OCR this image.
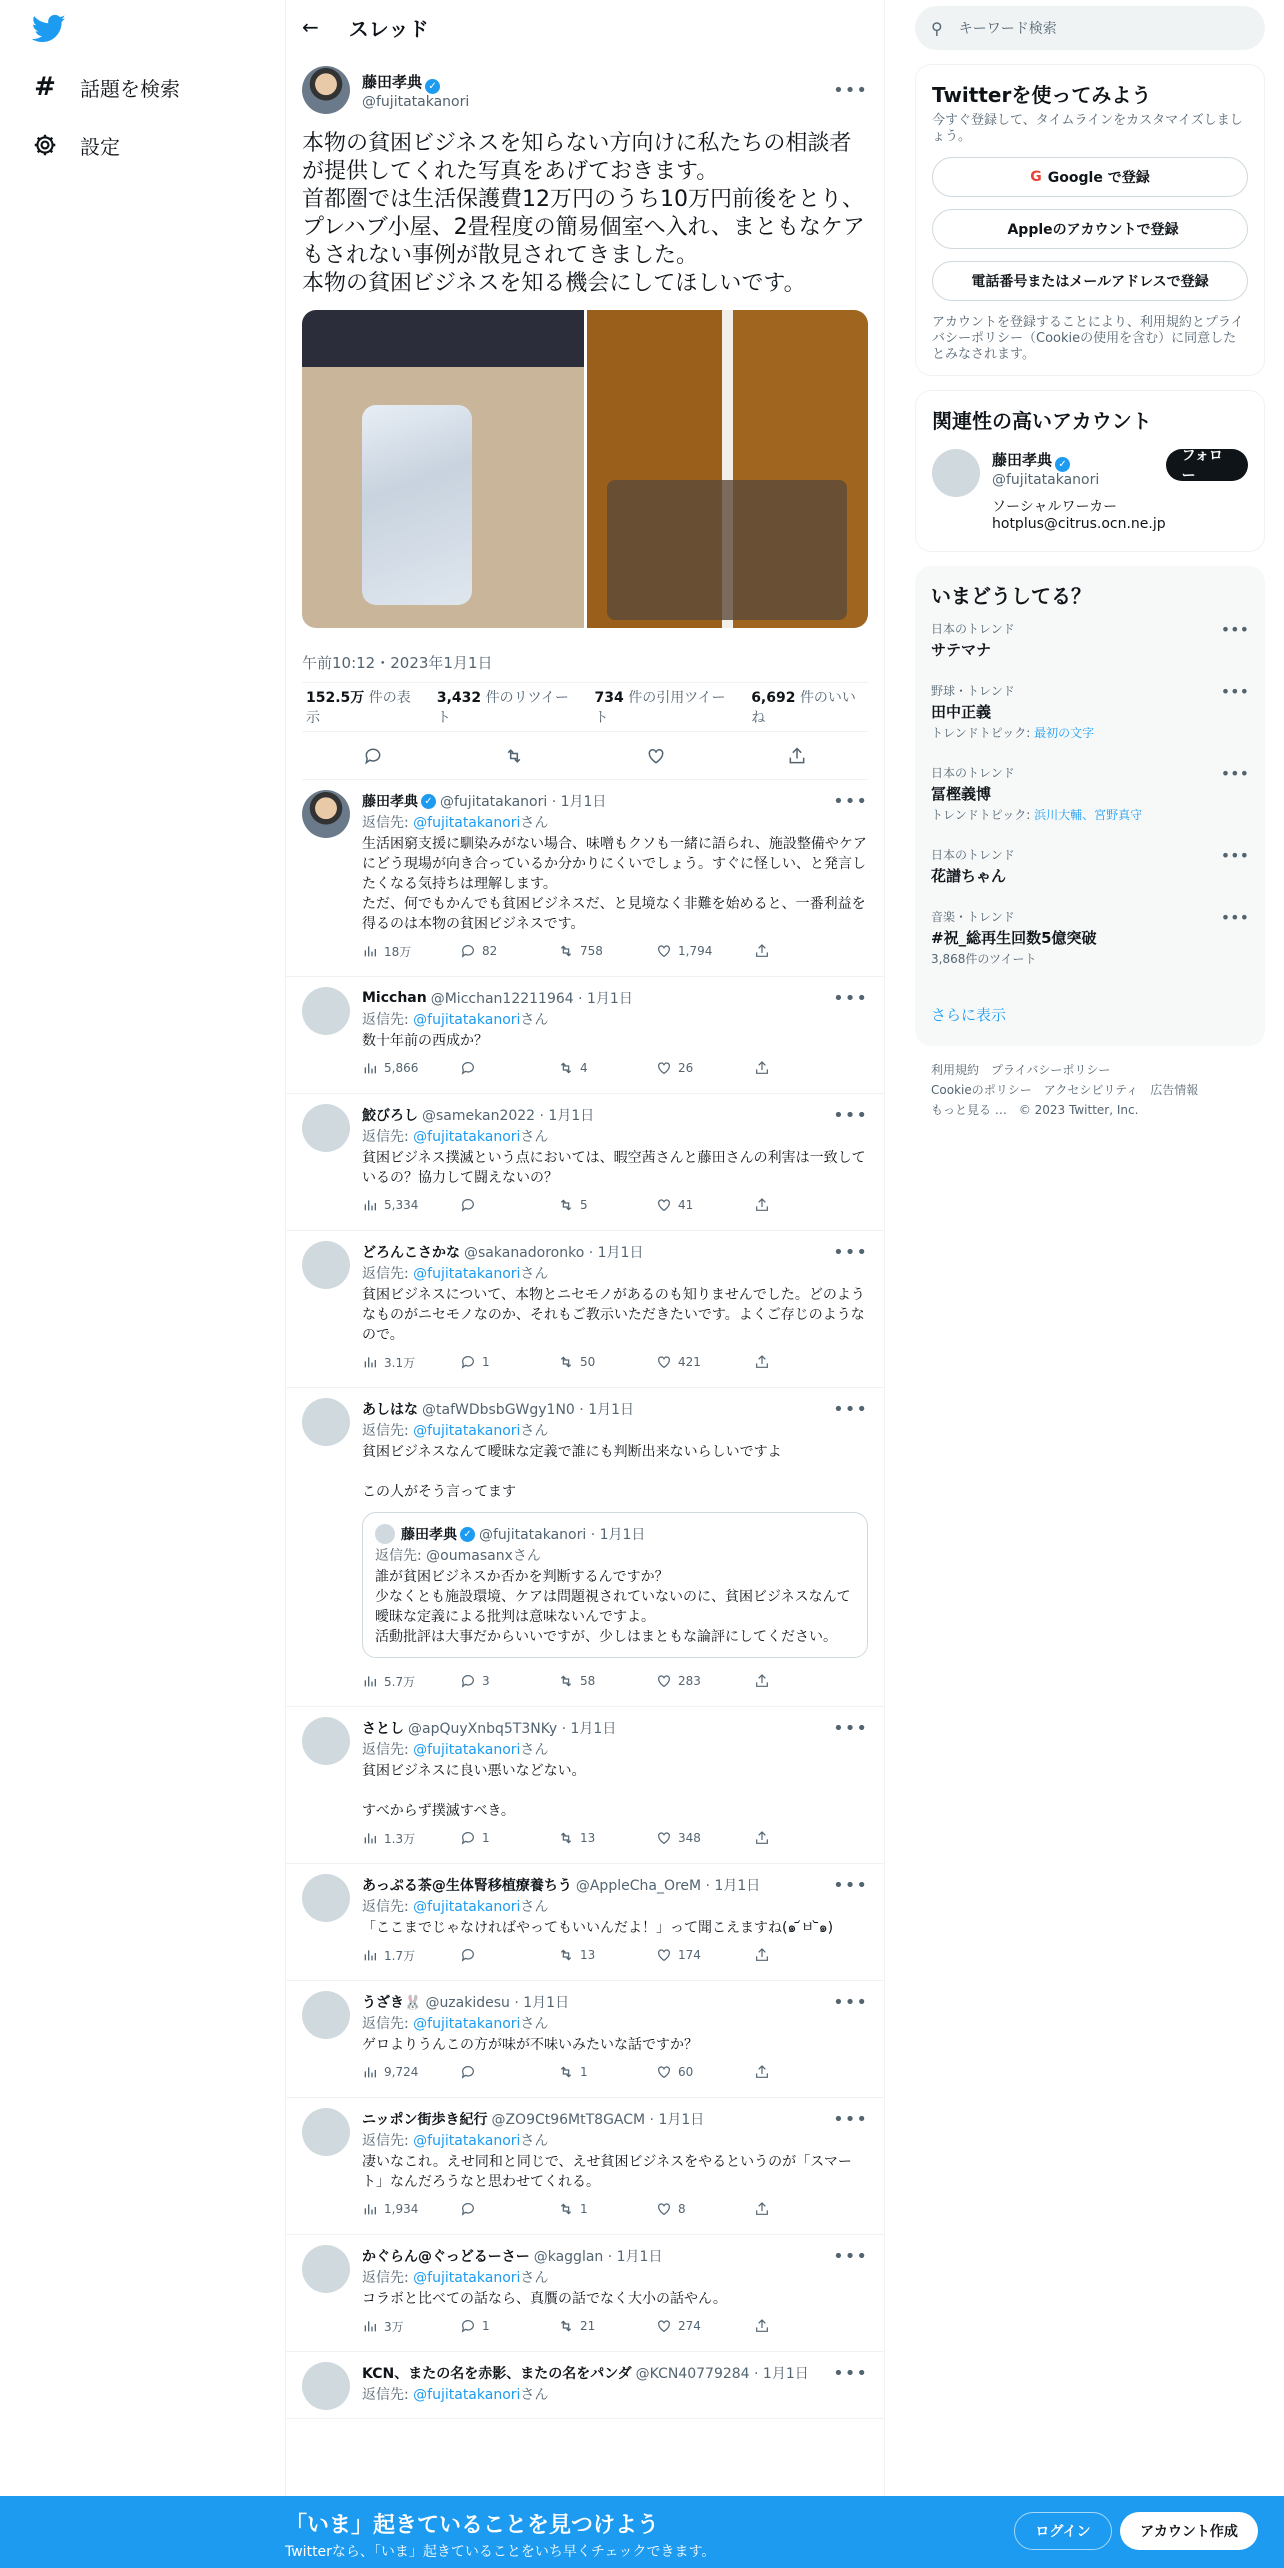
# 話題を検索
設定
← スレッド
藤田孝典 ✓
@fujitatakanori
•••
本物の貧困ビジネスを知らない方向けに私たちの相談者が提供してくれた写真をあげておきます。
首都圏では生活保護費12万円のうち10万円前後をとり、プレハブ小屋、2畳程度の簡易個室へ入れ、まともなケアもされない事例が散見されてきました。
本物の貧困ビジネスを知る機会にしてほしいです。
午前10:12・2023年1月1日
152.5万 件の表示
3,432 件のリツイート
734 件の引用ツイート
6,692 件のいいね
藤田孝典 ✓ @fujitatakanori · 1月1日	•••
返信先: @fujitatakanoriさん
生活困窮支援に馴染みがない場合、味噌もクソも一緒に語られ、施設整備やケアにどう現場が向き合っているか分かりにくいでしょう。すぐに怪しい、と発言したくなる気持ちは理解します。
ただ、何でもかんでも貧困ビジネスだ、と見境なく非難を始めると、一番利益を得るのは本物の貧困ビジネスです。
18万	82	758	1,794
Micchan @Micchan12211964 · 1月1日	•••
返信先: @fujitatakanoriさん
数十年前の西成か？
5,866	4	26
鮫びろし @samekan2022 · 1月1日	•••
返信先: @fujitatakanoriさん
貧困ビジネス撲滅という点においては、暇空茜さんと藤田さんの利害は一致しているの？協力して闘えないの？
5,334	5	41
どろんこさかな @sakanadoronko · 1月1日	•••
返信先: @fujitatakanoriさん
貧困ビジネスについて、本物とニセモノがあるのも知りませんでした。どのようなものがニセモノなのか、それもご教示いただきたいです。よくご存じのようなので。
3.1万	1	50	421
あしはな @tafWDbsbGWgy1N0 · 1月1日	•••
返信先: @fujitatakanoriさん
貧困ビジネスなんて曖昧な定義で誰にも判断出来ないらしいですよ

この人がそう言ってます
藤田孝典 ✓ @fujitatakanori · 1月1日
返信先: @oumasanxさん
誰が貧困ビジネスか否かを判断するんですか？
少なくとも施設環境、ケアは問題視されていないのに、貧困ビジネスなんて曖昧な定義による批判は意味ないんですよ。
活動批評は大事だからいいですが、少しはまともな論評にしてください。
5.7万	3	58	283
さとし @apQuyXnbq5T3NKy · 1月1日	•••
返信先: @fujitatakanoriさん
貧困ビジネスに良い悪いなどない。

すべからず撲滅すべき。
1.3万	1	13	348
あっぷる茶@生体腎移植療養ちう @AppleCha_OreM · 1月1日	•••
返信先: @fujitatakanoriさん
「ここまでじゃなければやってもいいんだよ！」って聞こえますね(๑ ᷄ㅂ ᷅๑)
1.7万	13	174
うざき🐰 @uzakidesu · 1月1日	•••
返信先: @fujitatakanoriさん
ゲロよりうんこの方が味が不味いみたいな話ですか？
9,724	1	60
ニッポン街歩き紀行 @ZO9Ct96MtT8GACM · 1月1日	•••
返信先: @fujitatakanoriさん
凄いなこれ。えせ同和と同じで、えせ貧困ビジネスをやるというのが「スマート」なんだろうなと思わせてくれる。
1,934	1	8
かぐらん@ぐっどるーさー @kagglan · 1月1日	•••
返信先: @fujitatakanoriさん
コラボと比べての話なら、真贋の話でなく大小の話やん。
3万	1	21	274
KCN、またの名を赤影、またの名をパンダ @KCN40779284 · 1月1日 •••
返信先: @fujitatakanoriさん
⚲ キーワード検索
Twitterを使ってみよう
今すぐ登録して、タイムラインをカスタマイズしましょう。
G Google で登録
Appleのアカウントで登録
電話番号またはメールアドレスで登録
アカウントを登録することにより、利用規約とプライバシーポリシー（Cookieの使用を含む）に同意したとみなされます。
関連性の高いアカウント
藤田孝典 ✓
@fujitatakanori
ソーシャルワーカー
hotplus@citrus.ocn.ne.jp
フォロー
いまどうしてる？
日本のトレンド
サテマナ
•••
野球・トレンド
田中正義
トレンドトピック: 最初の文字
•••
日本のトレンド
冨樫義博
トレンドトピック: 浜川大輔、宮野真守
•••
日本のトレンド
花譜ちゃん
•••
音楽・トレンド
#祝_総再生回数5億突破
3,868件のツイート
•••
さらに表示
利用規約 プライバシーポリシー
Cookieのポリシー アクセシビリティ 広告情報
もっと見る … © 2023 Twitter, Inc.
「いま」起きていることを見つけよう
Twitterなら、「いま」起きていることをいち早くチェックできます。
ログイン	アカウント作成
